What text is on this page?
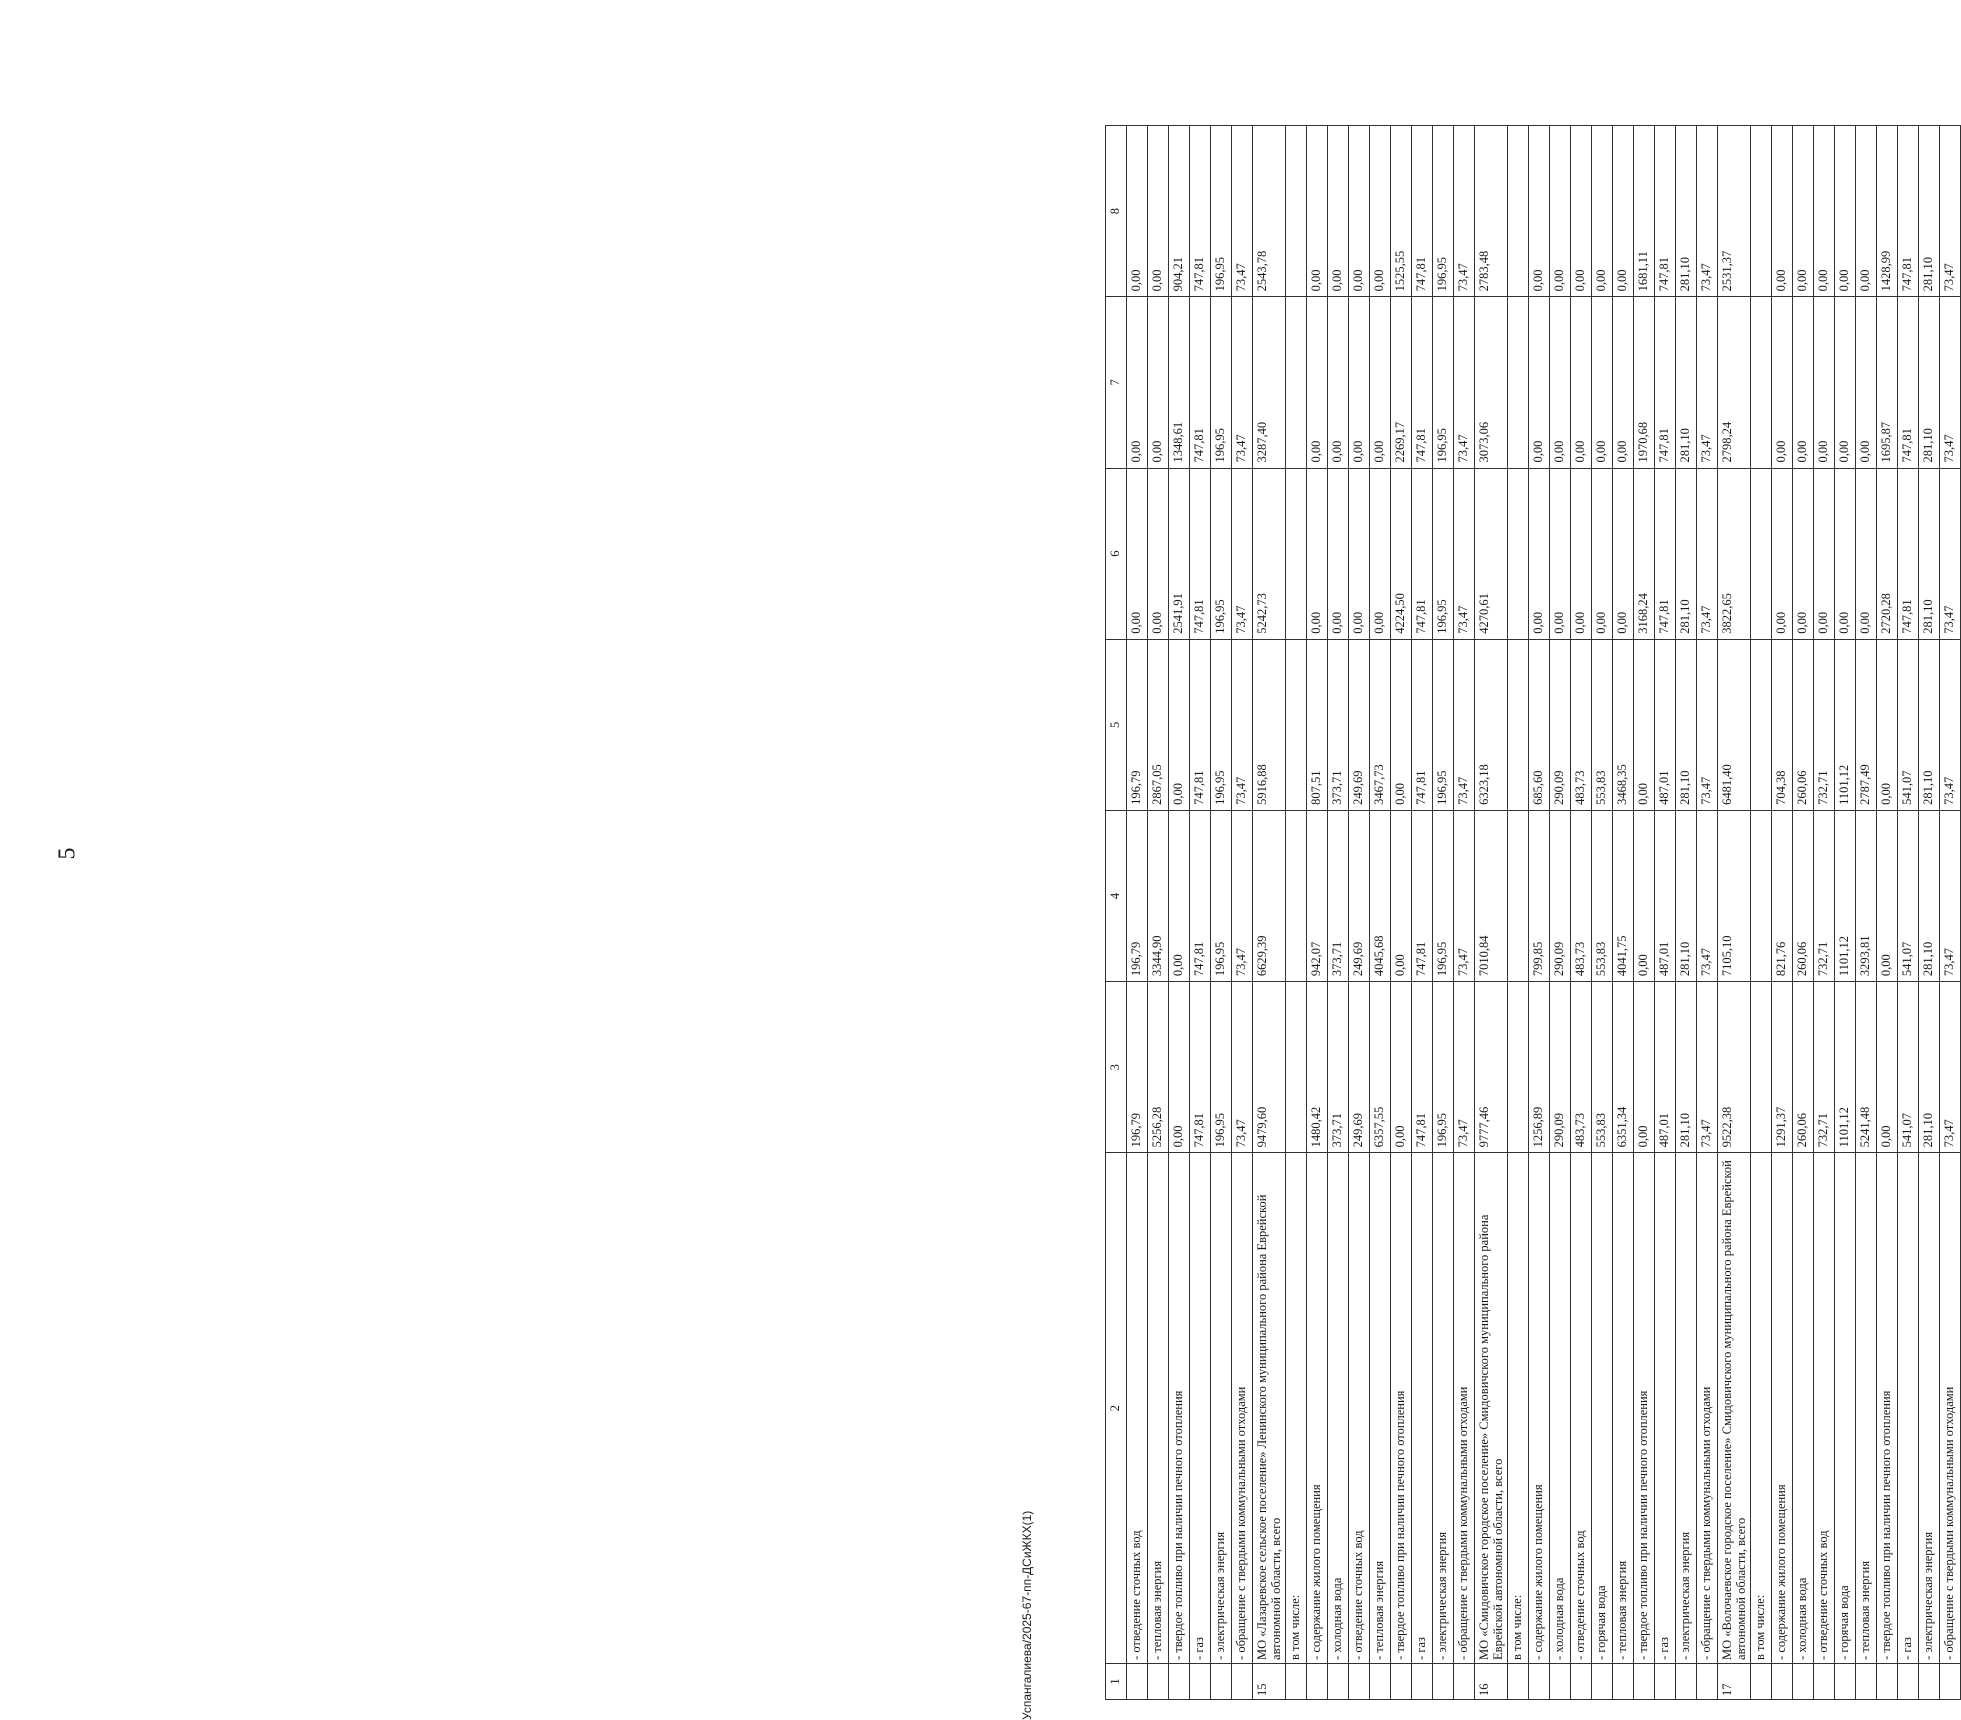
5
1	2	3	4	5	6	7	8
	- отведение сточных вод	196,79	196,79	196,79	0,00	0,00	0,00
	- тепловая энергия	5256,28	3344,90	2867,05	0,00	0,00	0,00
	- твердое топливо при наличии печного отопления	0,00	0,00	0,00	2541,91	1348,61	904,21
	- газ	747,81	747,81	747,81	747,81	747,81	747,81
	- электрическая энергия	196,95	196,95	196,95	196,95	196,95	196,95
	- обращение с твердыми коммунальными отходами	73,47	73,47	73,47	73,47	73,47	73,47
15	МО «Лазаревское сельское поселение» Ленинского муниципального района Еврейской автономной области, всего	9479,60	6629,39	5916,88	5242,73	3287,40	2543,78
	в том числе:						
	- содержание жилого помещения	1480,42	942,07	807,51	0,00	0,00	0,00
	- холодная вода	373,71	373,71	373,71	0,00	0,00	0,00
	- отведение сточных вод	249,69	249,69	249,69	0,00	0,00	0,00
	- тепловая энергия	6357,55	4045,68	3467,73	0,00	0,00	0,00
	- твердое топливо при наличии печного отопления	0,00	0,00	0,00	4224,50	2269,17	1525,55
	- газ	747,81	747,81	747,81	747,81	747,81	747,81
	- электрическая энергия	196,95	196,95	196,95	196,95	196,95	196,95
	- обращение с твердыми коммунальными отходами	73,47	73,47	73,47	73,47	73,47	73,47
16	МО «Смидовичское городское поселение» Смидовичского муниципального района Еврейской автономной области, всего	9777,46	7010,84	6323,18	4270,61	3073,06	2783,48
	в том числе:						
	- содержание жилого помещения	1256,89	799,85	685,60	0,00	0,00	0,00
	- холодная вода	290,09	290,09	290,09	0,00	0,00	0,00
	- отведение сточных вод	483,73	483,73	483,73	0,00	0,00	0,00
	- горячая вода	553,83	553,83	553,83	0,00	0,00	0,00
	- тепловая энергия	6351,34	4041,75	3468,35	0,00	0,00	0,00
	- твердое топливо при наличии печного отопления	0,00	0,00	0,00	3168,24	1970,68	1681,11
	- газ	487,01	487,01	487,01	747,81	747,81	747,81
	- электрическая энергия	281,10	281,10	281,10	281,10	281,10	281,10
	- обращение с твердыми коммунальными отходами	73,47	73,47	73,47	73,47	73,47	73,47
17	МО «Волочаевское городское поселение» Смидовичского муниципального района Еврейской автономной области, всего	9522,38	7105,10	6481,40	3822,65	2798,24	2531,37
	в том числе:						
	- содержание жилого помещения	1291,37	821,76	704,38	0,00	0,00	0,00
	- холодная вода	260,06	260,06	260,06	0,00	0,00	0,00
	- отведение сточных вод	732,71	732,71	732,71	0,00	0,00	0,00
	- горячая вода	1101,12	1101,12	1101,12	0,00	0,00	0,00
	- тепловая энергия	5241,48	3293,81	2787,49	0,00	0,00	0,00
	- твердое топливо при наличии печного отопления	0,00	0,00	0,00	2720,28	1695,87	1428,99
	- газ	541,07	541,07	541,07	747,81	747,81	747,81
	- электрическая энергия	281,10	281,10	281,10	281,10	281,10	281,10
	- обращение с твердыми коммунальными отходами	73,47	73,47	73,47	73,47	73,47	73,47
Успангалиева/2025-67-пп-ДСиЖКХ(1)
